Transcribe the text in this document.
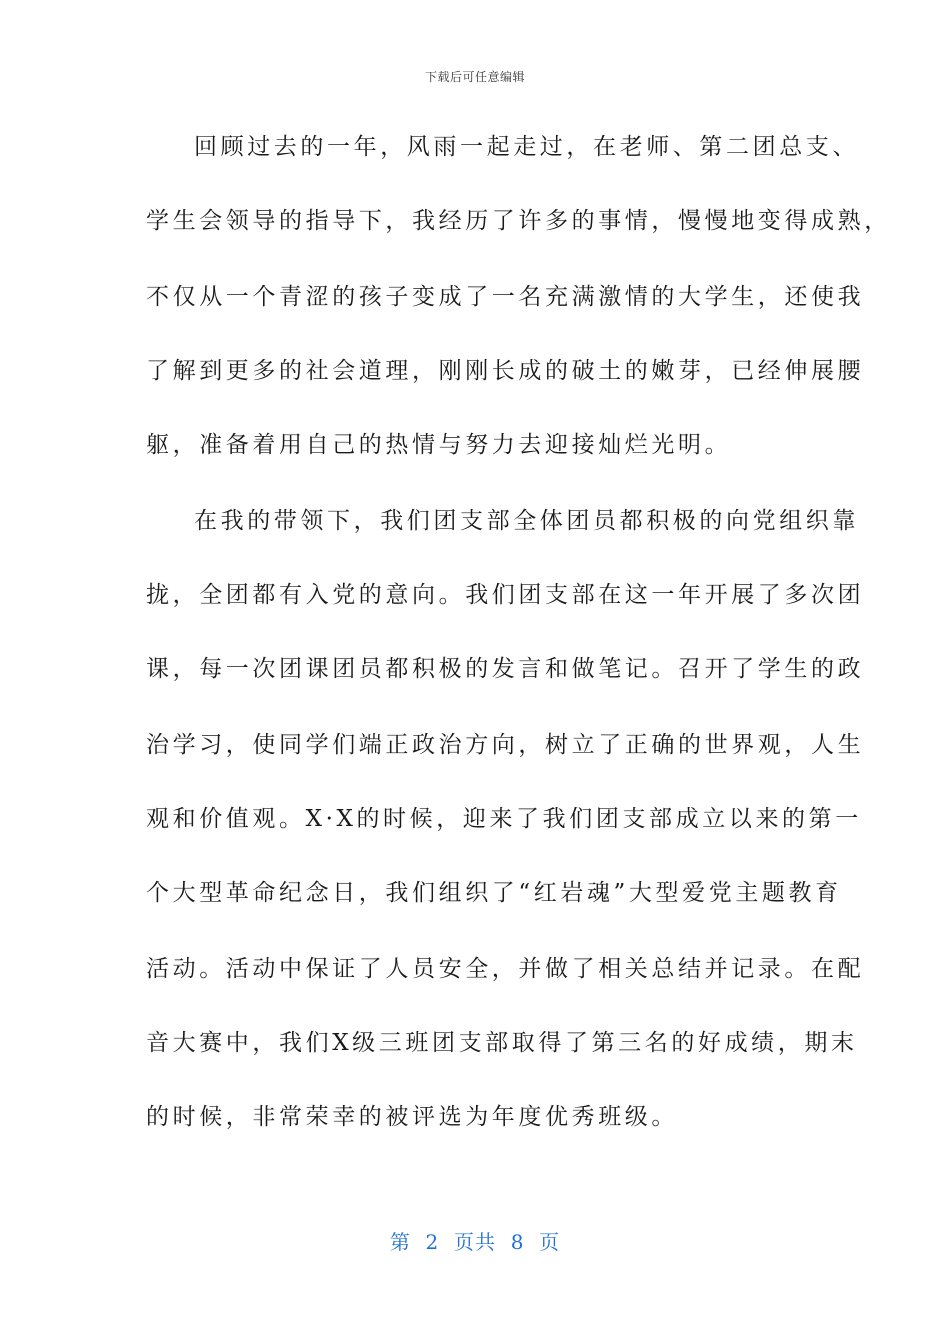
下载后可任意编辑
回顾过去的一年，风雨一起走过，在老师、第二团总支、
学生会领导的指导下，我经历了许多的事情，慢慢地变得成熟，
不仅从一个青涩的孩子变成了一名充满激情的大学生，还使我
了解到更多的社会道理，刚刚长成的破土的嫩芽，已经伸展腰
躯，准备着用自己的热情与努力去迎接灿烂光明。
在我的带领下，我们团支部全体团员都积极的向党组织靠
拢，全团都有入党的意向。我们团支部在这一年开展了多次团
课，每一次团课团员都积极的发言和做笔记。召开了学生的政
治学习，使同学们端正政治方向，树立了正确的世界观，人生
观和价值观。X·X的时候，迎来了我们团支部成立以来的第一
个大型革命纪念日，我们组织了“红岩魂”大型爱党主题教育
活动。活动中保证了人员安全，并做了相关总结并记录。在配
音大赛中，我们X级三班团支部取得了第三名的好成绩，期末
的时候，非常荣幸的被评选为年度优秀班级。
第  2  页共  8  页
